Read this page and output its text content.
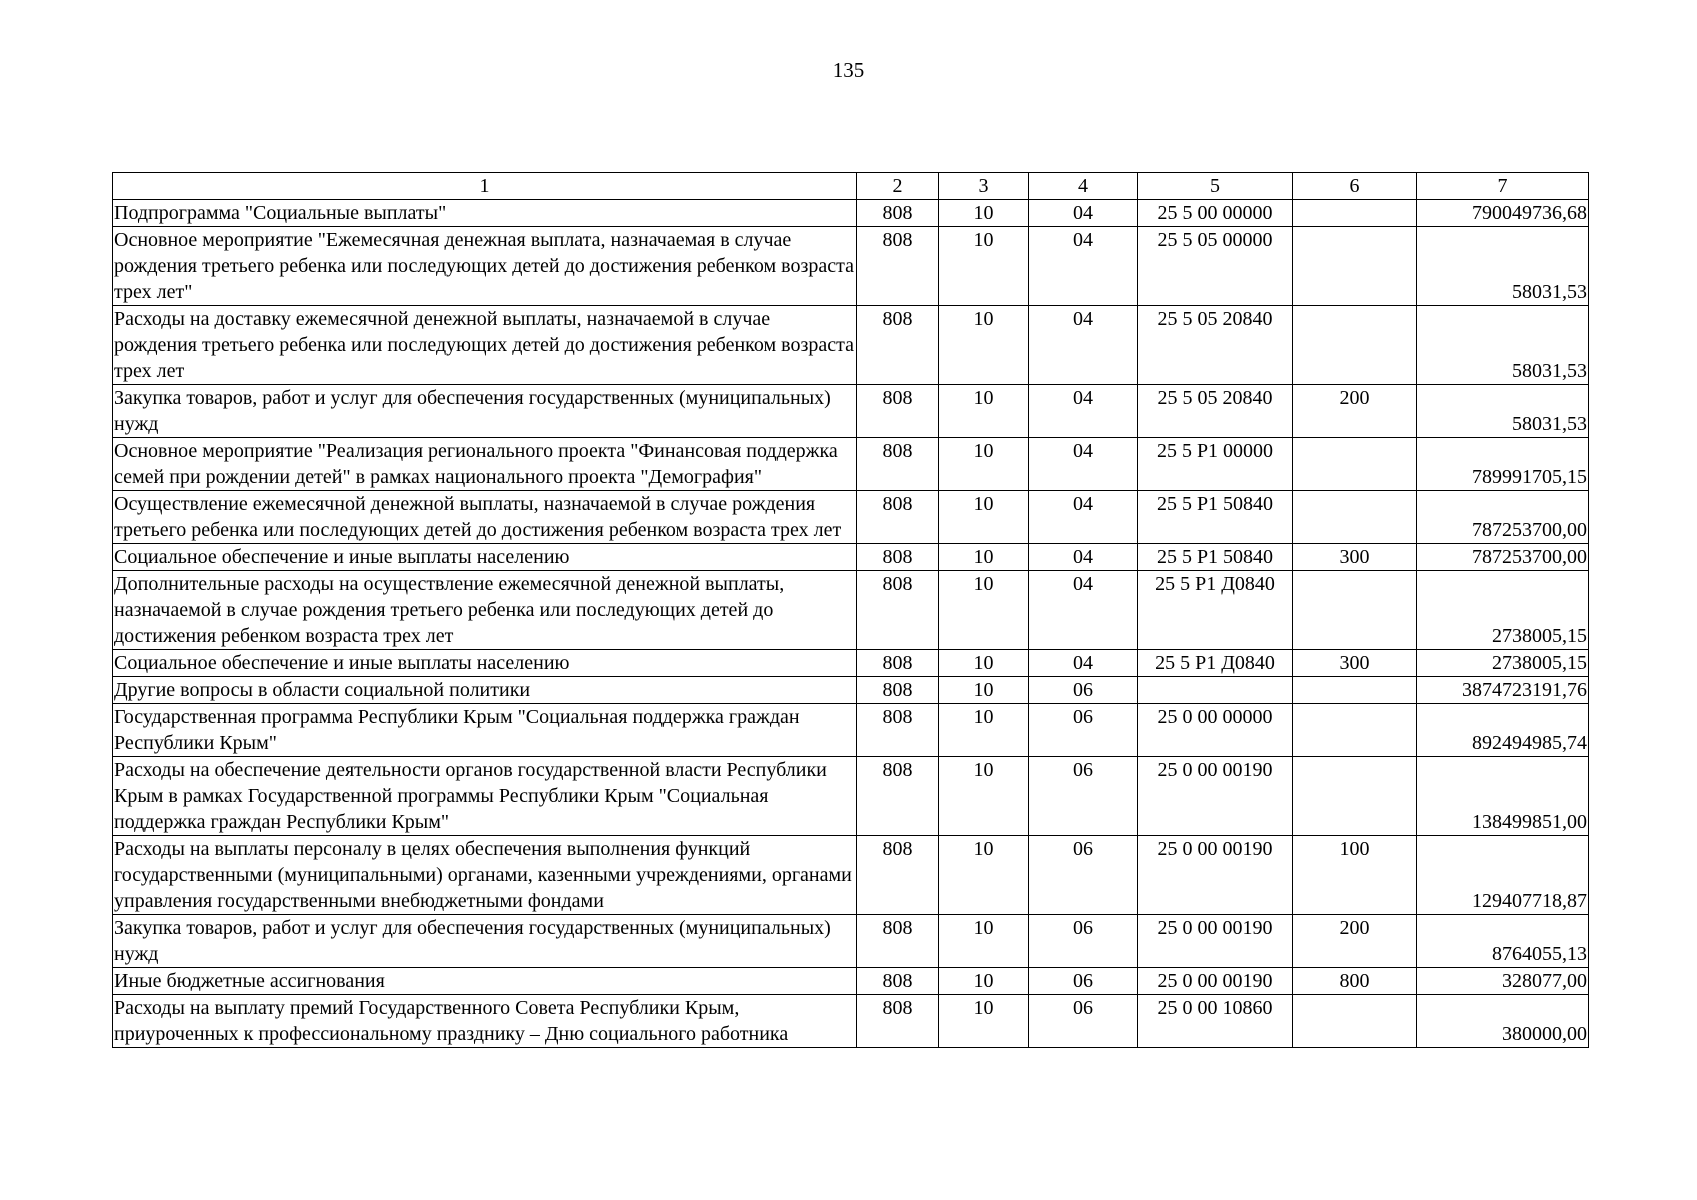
135
1	2	3	4	5	6	7
Подпрограмма "Социальные выплаты"	808	10	04	25 5 00 00000		790049736,68
Основное мероприятие "Ежемесячная денежная выплата, назначаемая в случае рождения третьего ребенка или последующих детей до достижения ребенком возраста трех лет"	808	10	04	25 5 05 00000		58031,53
Расходы на доставку ежемесячной денежной выплаты, назначаемой в случае рождения третьего ребенка или последующих детей до достижения ребенком возраста трех лет	808	10	04	25 5 05 20840		58031,53
Закупка товаров, работ и услуг для обеспечения государственных (муниципальных) нужд	808	10	04	25 5 05 20840	200	58031,53
Основное мероприятие "Реализация регионального проекта "Финансовая поддержка семей при рождении детей" в рамках национального проекта "Демография"	808	10	04	25 5 P1 00000		789991705,15
Осуществление ежемесячной денежной выплаты, назначаемой в случае рождения третьего ребенка или последующих детей до достижения ребенком возраста трех лет	808	10	04	25 5 P1 50840		787253700,00
Социальное обеспечение и иные выплаты населению	808	10	04	25 5 P1 50840	300	787253700,00
Дополнительные расходы на осуществление ежемесячной денежной выплаты, назначаемой в случае рождения третьего ребенка или последующих детей до достижения ребенком возраста трех лет	808	10	04	25 5 P1 Д0840		2738005,15
Социальное обеспечение и иные выплаты населению	808	10	04	25 5 P1 Д0840	300	2738005,15
Другие вопросы в области социальной политики	808	10	06			3874723191,76
Государственная программа Республики Крым "Социальная поддержка граждан Республики Крым"	808	10	06	25 0 00 00000		892494985,74
Расходы на обеспечение деятельности органов государственной власти Республики Крым в рамках Государственной программы Республики Крым "Социальная поддержка граждан Республики Крым"	808	10	06	25 0 00 00190		138499851,00
Расходы на выплаты персоналу в целях обеспечения выполнения функций государственными (муниципальными) органами, казенными учреждениями, органами управления государственными внебюджетными фондами	808	10	06	25 0 00 00190	100	129407718,87
Закупка товаров, работ и услуг для обеспечения государственных (муниципальных) нужд	808	10	06	25 0 00 00190	200	8764055,13
Иные бюджетные ассигнования	808	10	06	25 0 00 00190	800	328077,00
Расходы на выплату премий Государственного Совета Республики Крым, приуроченных к профессиональному празднику – Дню социального работника	808	10	06	25 0 00 10860		380000,00
